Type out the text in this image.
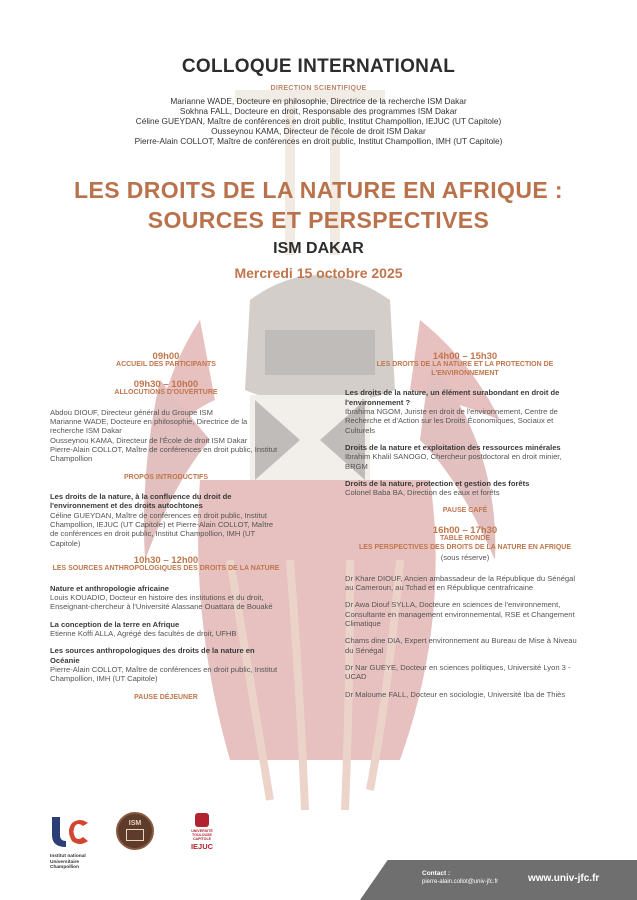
COLLOQUE INTERNATIONAL
DIRECTION SCIENTIFIQUE
Marianne WADE, Docteure en philosophie, Directrice de la recherche ISM Dakar
Sokhna FALL, Docteure en droit, Responsable des programmes ISM Dakar
Céline GUEYDAN, Maître de conférences en droit public, Institut Champollion, IEJUC (UT Capitole)
Ousseynou KAMA, Directeur de l'école de droit ISM Dakar
Pierre-Alain COLLOT, Maître de conférences en droit public, Institut Champollion, IMH (UT Capitole)
LES DROITS DE LA NATURE EN AFRIQUE :
SOURCES ET PERSPECTIVES
ISM DAKAR
Mercredi 15 octobre 2025
09h00
ACCUEIL DES PARTICIPANTS
09h30 – 10h00
ALLOCUTIONS D'OUVERTURE
Abdou DIOUF, Directeur général du Groupe ISM
Marianne WADE, Docteure en philosophie, Directrice de la recherche ISM Dakar
Ousseynou KAMA, Directeur de l'École de droit ISM Dakar
Pierre-Alain COLLOT, Maître de conférences en droit public, Institut Champollion
PROPOS INTRODUCTIFS
Les droits de la nature, à la confluence du droit de l'environnement et des droits autochtones
Céline GUEYDAN, Maître de conférences en droit public, Institut Champollion, IEJUC (UT Capitole) et Pierre-Alain COLLOT, Maître de conférences en droit public, Institut Champollion, IMH (UT Capitole)
10h30 – 12h00
LES SOURCES ANTHROPOLOGIQUES DES DROITS DE LA NATURE
Nature et anthropologie africaine
Louis KOUADIO, Docteur en histoire des institutions et du droit, Enseignant-chercheur à l'Université Alassane Ouattara de Bouaké
La conception de la terre en Afrique
Etienne Koffi ALLA, Agrégé des facultés de droit, UFHB
Les sources anthropologiques des droits de la nature en Océanie
Pierre-Alain COLLOT, Maître de conférences en droit public, Institut Champollion, IMH (UT Capitole)
PAUSE DÉJEUNER
14h00 – 15h30
LES DROITS DE LA NATURE ET LA PROTECTION DE L'ENVIRONNEMENT
Les droits de la nature, un élément surabondant en droit de l'environnement ?
Ibrahima NGOM, Juriste en droit de l'environnement, Centre de Recherche et d'Action sur les Droits Économiques, Sociaux et Culturels
Droits de la nature et exploitation des ressources minérales
Ibrahim Khalil SANOGO, Chercheur postdoctoral en droit minier, BRGM
Droits de la nature, protection et gestion des forêts
Colonel Baba BA, Direction des eaux et forêts
PAUSE CAFÉ
16h00 – 17h30
TABLE RONDE
LES PERSPECTIVES DES DROITS DE LA NATURE EN AFRIQUE
(sous réserve)
Dr Khare DIOUF, Ancien ambassadeur de la République du Sénégal au Cameroun, au Tchad et en République centrafricaine
Dr Awa Diouf SYLLA, Docteure en sciences de l'environnement, Consultante en management environnemental, RSE et Changement Climatique
Chams dine DIA, Expert environnement au Bureau de Mise à Niveau du Sénégal
Dr Nar GUEYE, Docteur en sciences politiques, Université Lyon 3 - UCAD
Dr Maloume FALL, Docteur en sociologie, Université Iba de Thiès
Institut national
Universitaire
Champollion
ISM
UNIVERSITÉ TOULOUSE CAPITOLE
IEJUC
Contact :
pierre-alain.collot@univ-jfc.fr	www.univ-jfc.fr
